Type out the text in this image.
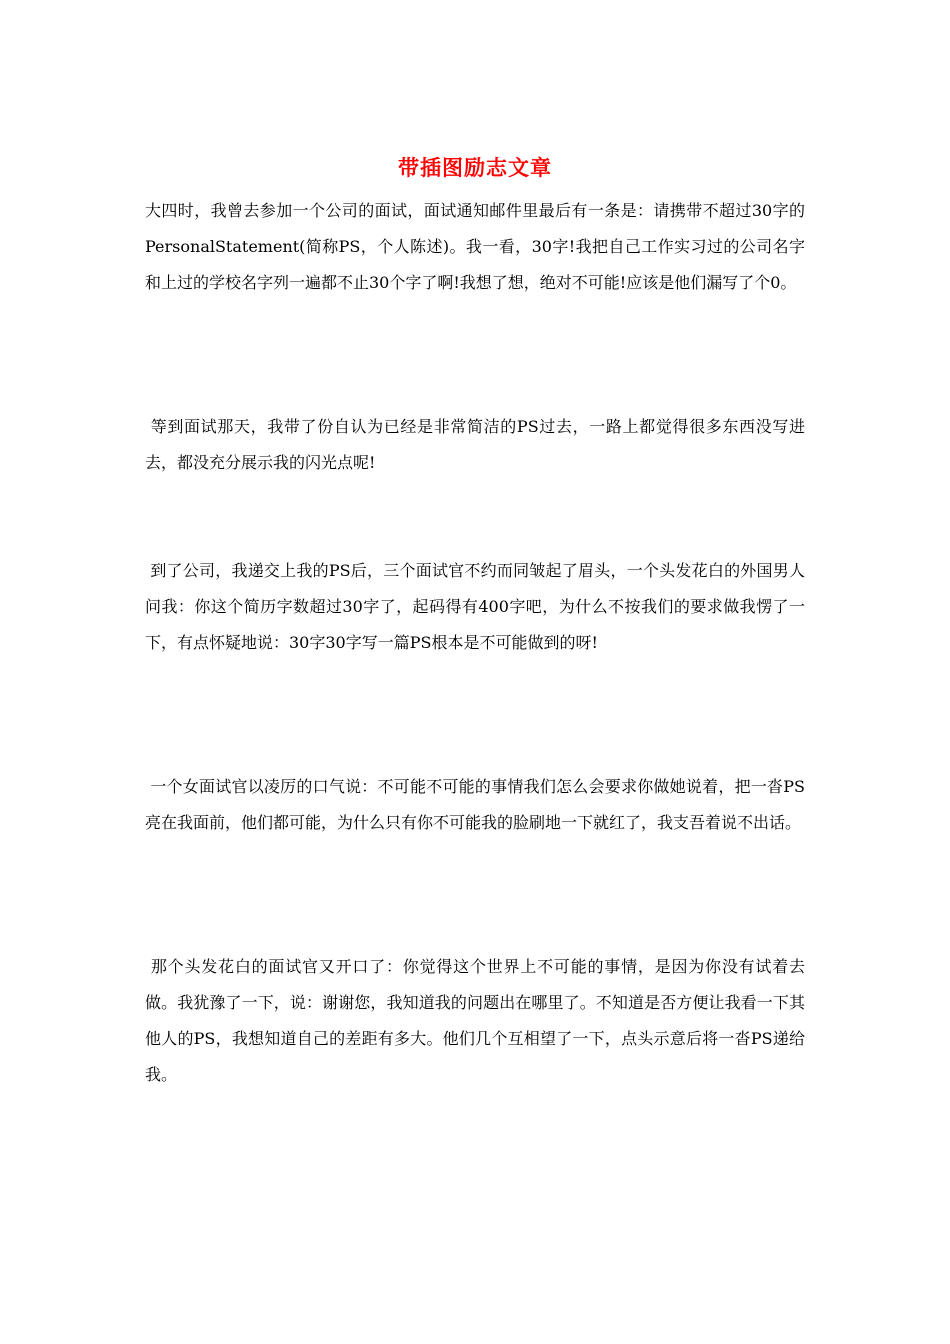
带插图励志文章

大四时，我曾去参加一个公司的面试，面试通知邮件里最后有一条是：请携带不超过30字的PersonalStatement(简称PS，个人陈述)。我一看，30字!我把自己工作实习过的公司名字和上过的学校名字列一遍都不止30个字了啊!我想了想，绝对不可能!应该是他们漏写了个0。

等到面试那天，我带了份自认为已经是非常简洁的PS过去，一路上都觉得很多东西没写进去，都没充分展示我的闪光点呢!

到了公司，我递交上我的PS后，三个面试官不约而同皱起了眉头，一个头发花白的外国男人问我：你这个简历字数超过30字了，起码得有400字吧，为什么不按我们的要求做我愣了一下，有点怀疑地说：30字30字写一篇PS根本是不可能做到的呀!

一个女面试官以凌厉的口气说：不可能不可能的事情我们怎么会要求你做她说着，把一沓PS亮在我面前，他们都可能，为什么只有你不可能我的脸刷地一下就红了，我支吾着说不出话。

那个头发花白的面试官又开口了：你觉得这个世界上不可能的事情，是因为你没有试着去做。我犹豫了一下，说：谢谢您，我知道我的问题出在哪里了。不知道是否方便让我看一下其他人的PS，我想知道自己的差距有多大。他们几个互相望了一下，点头示意后将一沓PS递给我。
